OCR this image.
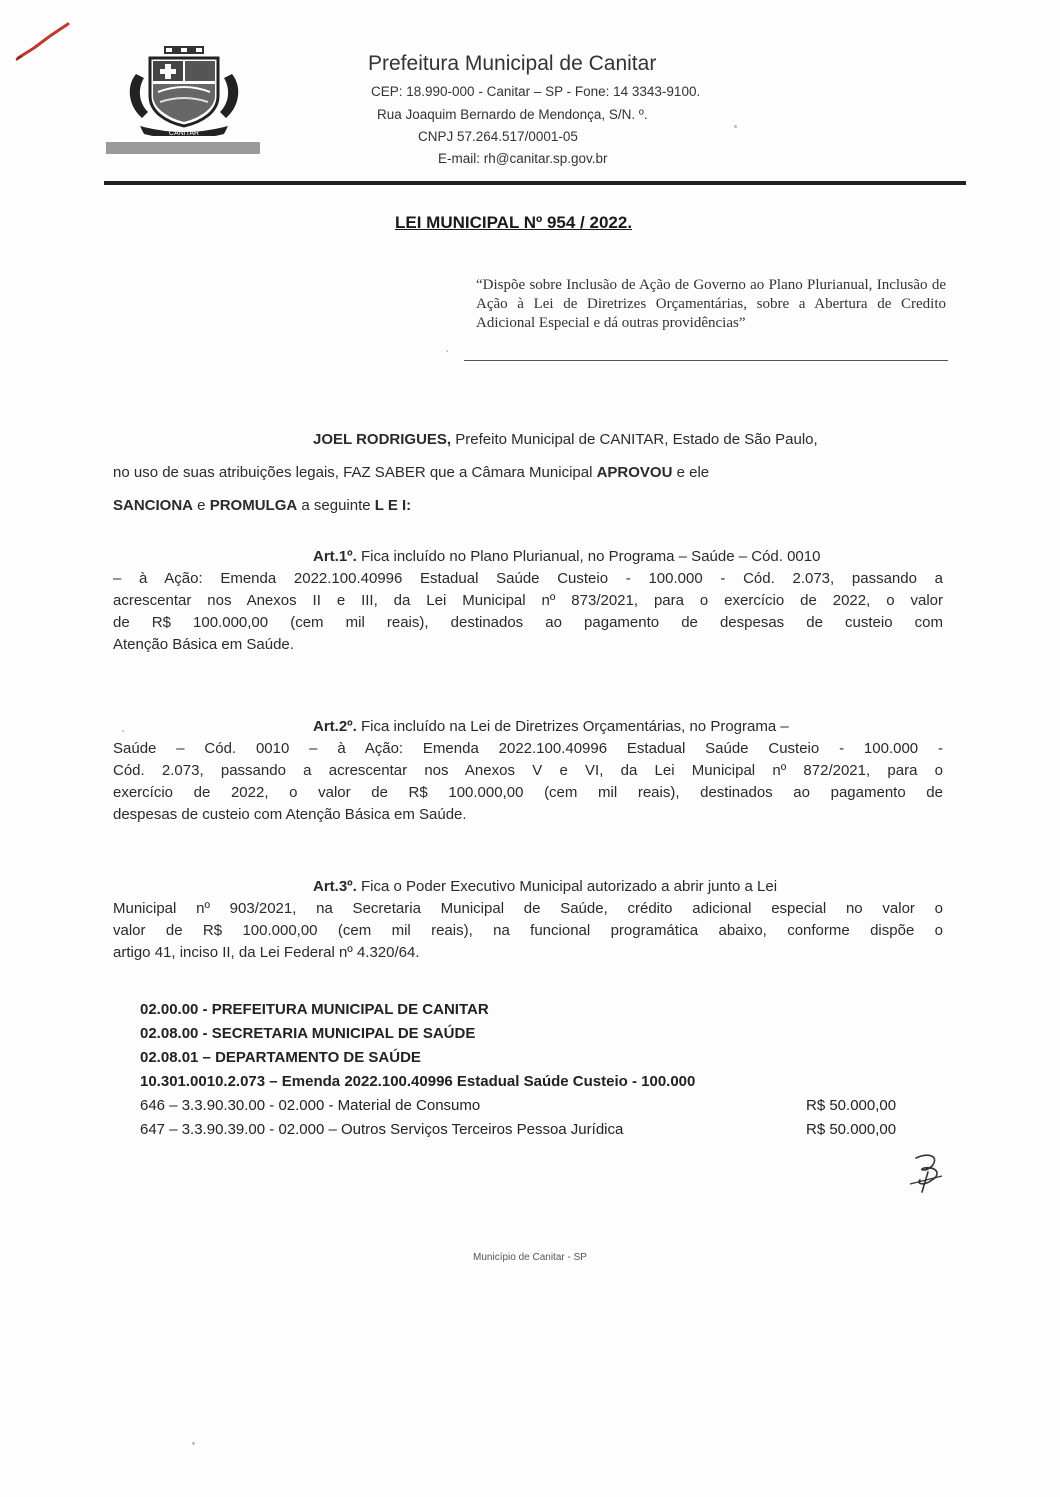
CANITAR
Prefeitura Municipal de Canitar
CEP: 18.990-000 - Canitar – SP - Fone: 14 3343-9100.
Rua Joaquim Bernardo de Mendonça, S/N. º.
CNPJ 57.264.517/0001-05
E-mail: rh@canitar.sp.gov.br
LEI MUNICIPAL Nº 954 / 2022.
“Dispõe sobre Inclusão de Ação de Governo ao Plano Plurianual, Inclusão de Ação à Lei de Diretrizes Orçamentárias, sobre a Abertura de Credito Adicional Especial e dá outras providências”
JOEL RODRIGUES, Prefeito Municipal de CANITAR, Estado de São Paulo,
no uso de suas atribuições legais, FAZ SABER que a Câmara Municipal APROVOU e ele
SANCIONA e PROMULGA a seguinte L E I:
Art.1º. Fica incluído no Plano Plurianual, no Programa – Saúde – Cód. 0010
– à Ação: Emenda 2022.100.40996 Estadual Saúde Custeio - 100.000 - Cód. 2.073, passando a
acrescentar nos Anexos II e III, da Lei Municipal nº 873/2021, para o exercício de 2022, o valor
de R$ 100.000,00 (cem mil reais), destinados ao pagamento de despesas de custeio com
Atenção Básica em Saúde.
Art.2º. Fica incluído na Lei de Diretrizes Orçamentárias, no Programa –
Saúde – Cód. 0010 – à Ação: Emenda 2022.100.40996 Estadual Saúde Custeio - 100.000 -
Cód. 2.073, passando a acrescentar nos Anexos V e VI, da Lei Municipal nº 872/2021, para o
exercício de 2022, o valor de R$ 100.000,00 (cem mil reais), destinados ao pagamento de
despesas de custeio com Atenção Básica em Saúde.
Art.3º. Fica o Poder Executivo Municipal autorizado a abrir junto a Lei
Municipal nº 903/2021, na Secretaria Municipal de Saúde, crédito adicional especial no valor o
valor de R$ 100.000,00 (cem mil reais), na funcional programática abaixo, conforme dispõe o
artigo 41, inciso II, da Lei Federal nº 4.320/64.
02.00.00 - PREFEITURA MUNICIPAL DE CANITAR
02.08.00 - SECRETARIA MUNICIPAL DE SAÚDE
02.08.01 – DEPARTAMENTO DE SAÚDE
10.301.0010.2.073 – Emenda 2022.100.40996 Estadual Saúde Custeio - 100.000
646 – 3.3.90.30.00 - 02.000 - Material de Consumo	R$ 50.000,00
647 – 3.3.90.39.00 - 02.000 – Outros Serviços Terceiros Pessoa Jurídica	R$ 50.000,00
Município de Canitar - SP
